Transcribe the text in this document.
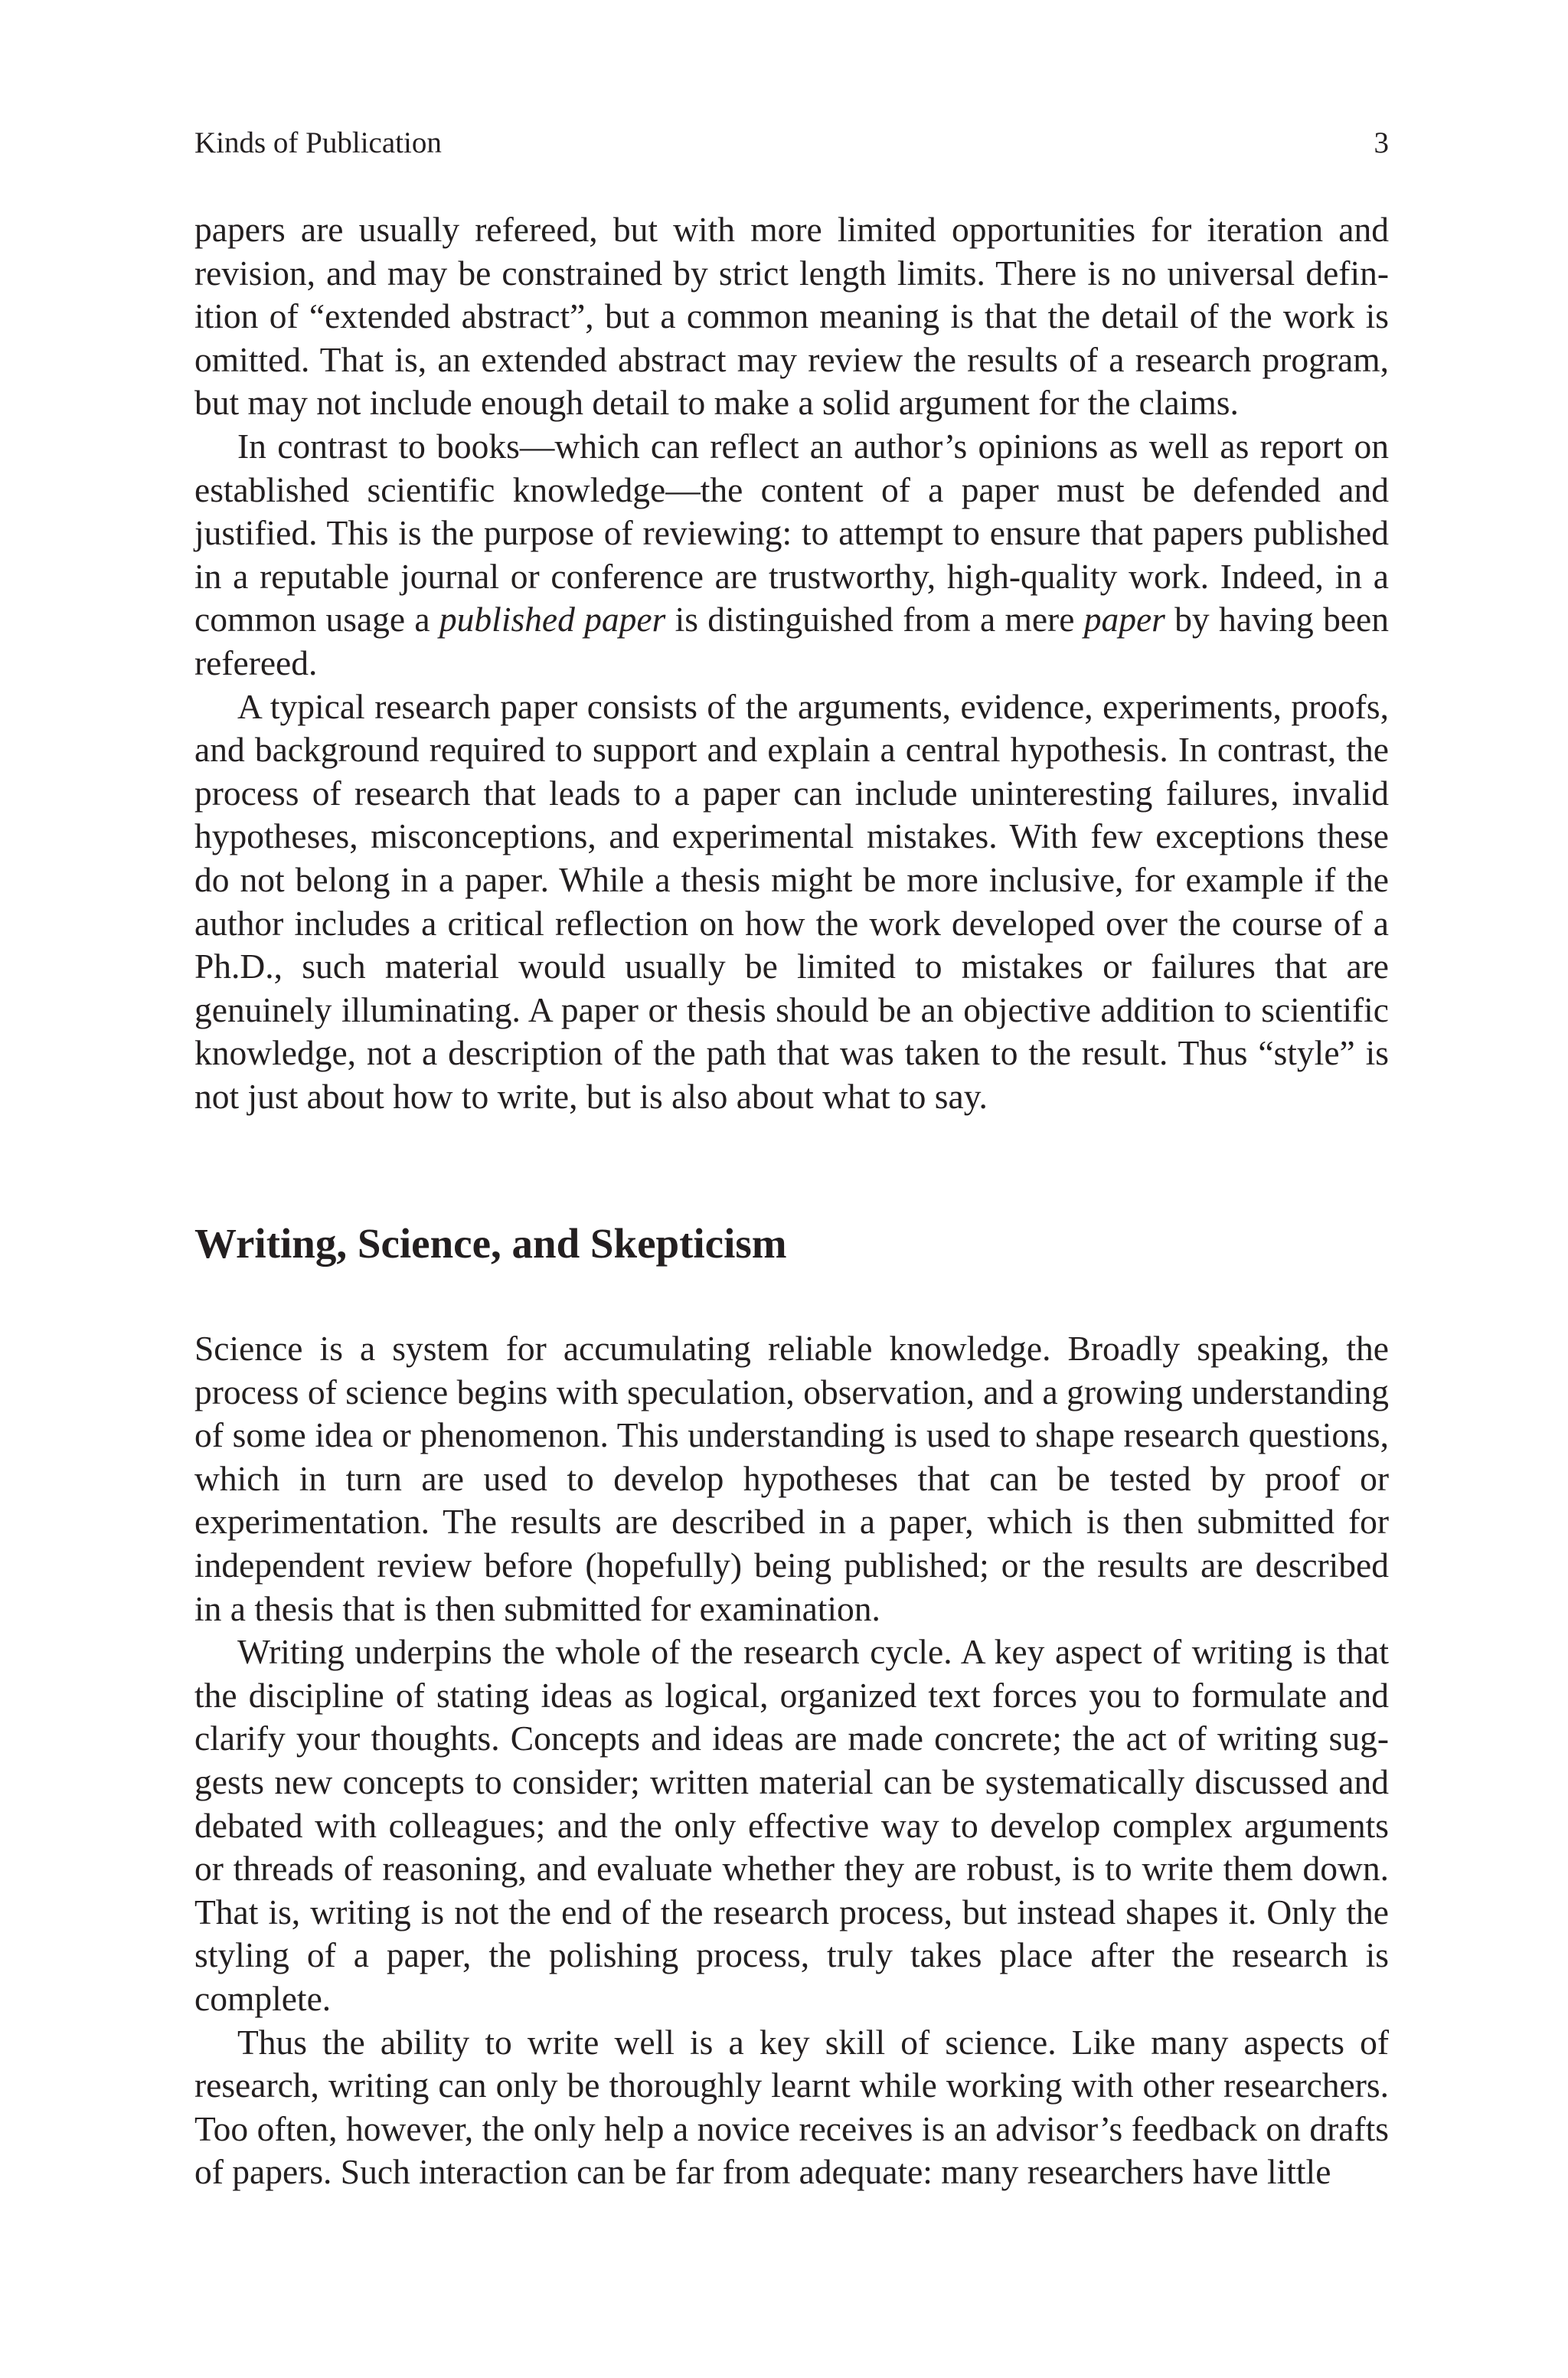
Kinds of Publication	3

papers are usually refereed, but with more limited opportunities for iteration and revision, and may be constrained by strict length limits. There is no universal definition of “extended abstract”, but a common meaning is that the detail of the work is omitted. That is, an extended abstract may review the results of a research program, but may not include enough detail to make a solid argument for the claims.

In contrast to books—which can reflect an author’s opinions as well as report on established scientific knowledge—the content of a paper must be defended and justified. This is the purpose of reviewing: to attempt to ensure that papers published in a reputable journal or conference are trustworthy, high-quality work. Indeed, in a common usage a published paper is distinguished from a mere paper by having been refereed.

A typical research paper consists of the arguments, evidence, experiments, proofs, and background required to support and explain a central hypothesis. In contrast, the process of research that leads to a paper can include uninteresting failures, invalid hypotheses, misconceptions, and experimental mistakes. With few exceptions these do not belong in a paper. While a thesis might be more inclusive, for example if the author includes a critical reflection on how the work developed over the course of a Ph.D., such material would usually be limited to mistakes or failures that are genuinely illuminating. A paper or thesis should be an objective addition to scientific knowledge, not a description of the path that was taken to the result. Thus “style” is not just about how to write, but is also about what to say.

Writing, Science, and Skepticism

Science is a system for accumulating reliable knowledge. Broadly speaking, the process of science begins with speculation, observation, and a growing understanding of some idea or phenomenon. This understanding is used to shape research questions, which in turn are used to develop hypotheses that can be tested by proof or experimentation. The results are described in a paper, which is then submitted for independent review before (hopefully) being published; or the results are described in a thesis that is then submitted for examination.

Writing underpins the whole of the research cycle. A key aspect of writing is that the discipline of stating ideas as logical, organized text forces you to formulate and clarify your thoughts. Concepts and ideas are made concrete; the act of writing suggests new concepts to consider; written material can be systematically discussed and debated with colleagues; and the only effective way to develop complex arguments or threads of reasoning, and evaluate whether they are robust, is to write them down. That is, writing is not the end of the research process, but instead shapes it. Only the styling of a paper, the polishing process, truly takes place after the research is complete.

Thus the ability to write well is a key skill of science. Like many aspects of research, writing can only be thoroughly learnt while working with other researchers. Too often, however, the only help a novice receives is an advisor’s feedback on drafts of papers. Such interaction can be far from adequate: many researchers have little
